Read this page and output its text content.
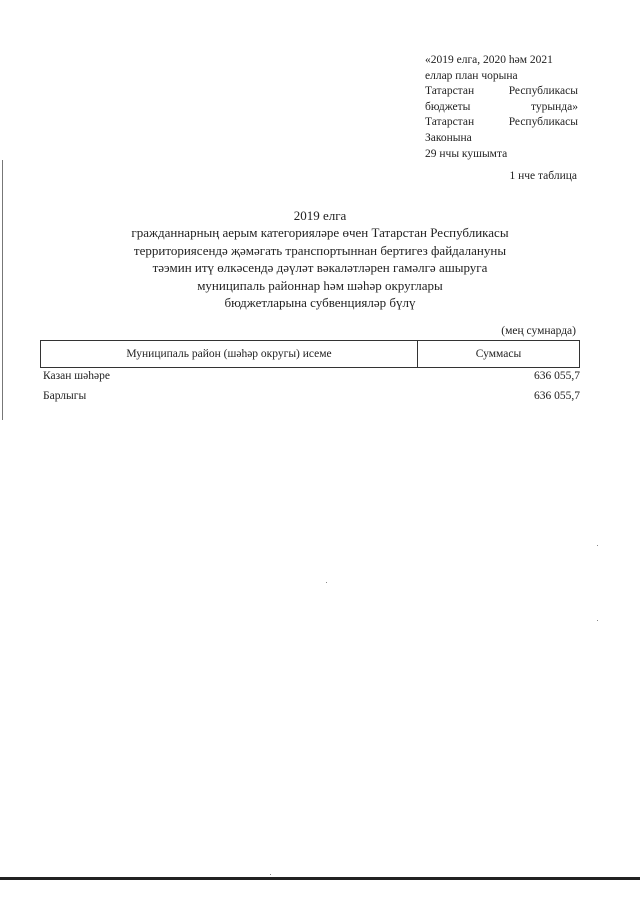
«2019 елга, 2020 һәм 2021
еллар план чорына
Татарстан	Республикасы
бюджеты	турында»
Татарстан	Республикасы
Законына
29 нчы кушымта
1 нче таблица
2019 елга
гражданнарның аерым категорияләре өчен Татарстан Республикасы
территориясендә җәмәгать транспортыннан бертигез файдалануны
тәэмин итү өлкәсендә дәүләт вәкаләтләрен гамәлгә ашыруга
муниципаль районнар һәм шәһәр округлары
бюджетларына субвенцияләр бүлү
(мең сумнарда)
Муниципаль район (шәһәр округы) исеме	Суммасы
Казан шәһәре	636 055,7
Барлыгы	636 055,7
